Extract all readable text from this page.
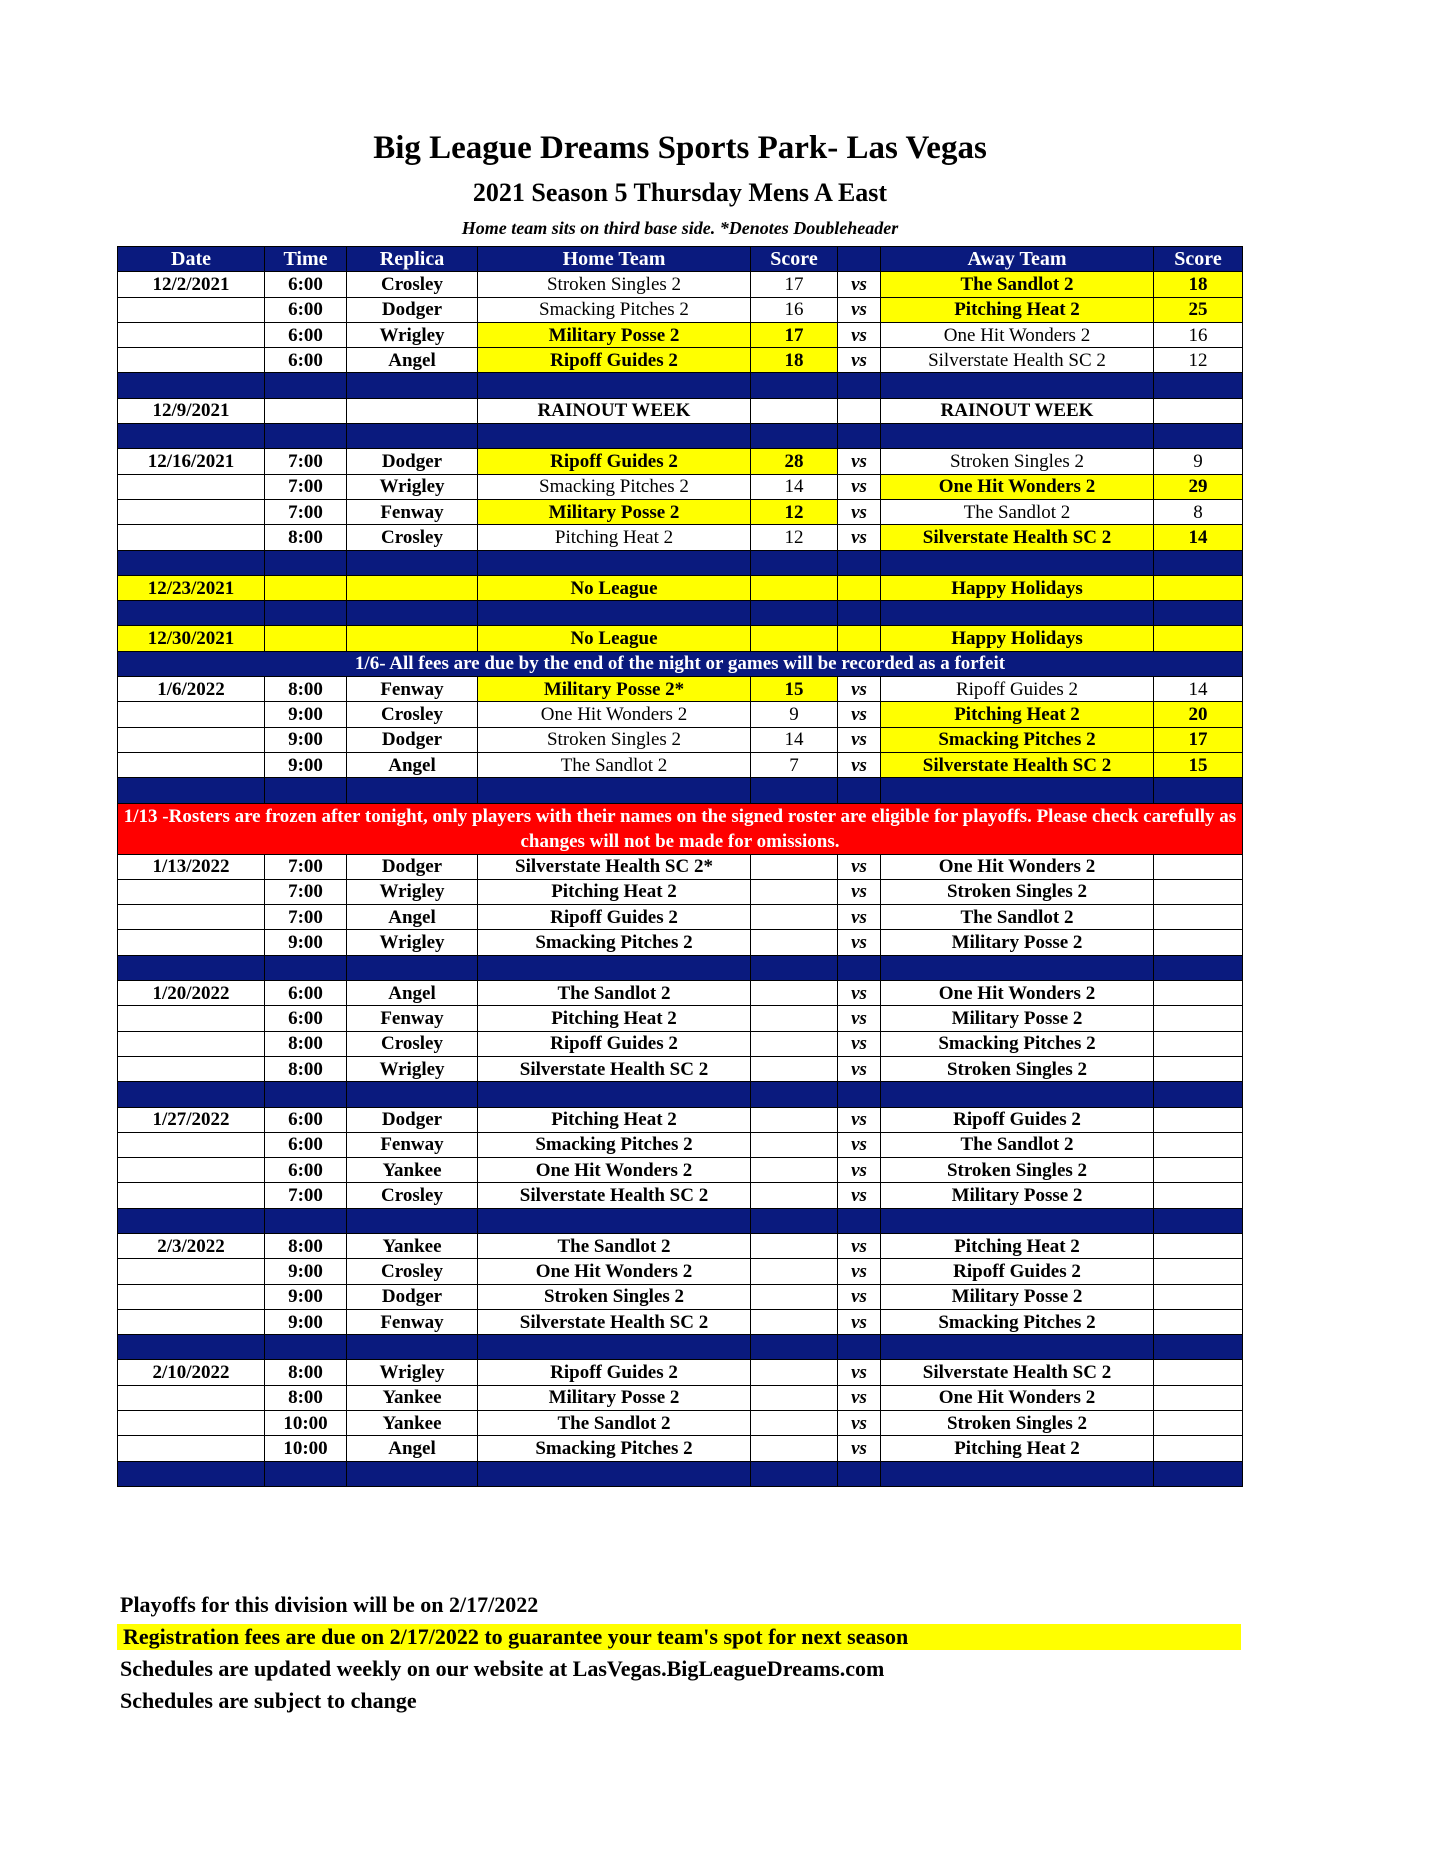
Big League Dreams Sports Park- Las Vegas
2021 Season 5 Thursday Mens A East
Home team sits on third base side. *Denotes Doubleheader
Date	Time	Replica	Home Team	Score		Away Team	Score
12/2/2021	6:00	Crosley	Stroken Singles 2	17	vs	The Sandlot 2	18
	6:00	Dodger	Smacking Pitches 2	16	vs	Pitching Heat 2	25
	6:00	Wrigley	Military Posse 2	17	vs	One Hit Wonders 2	16
	6:00	Angel	Ripoff Guides 2	18	vs	Silverstate Health SC 2	12

12/9/2021			RAINOUT WEEK			RAINOUT WEEK	

12/16/2021	7:00	Dodger	Ripoff Guides 2	28	vs	Stroken Singles 2	9
	7:00	Wrigley	Smacking Pitches 2	14	vs	One Hit Wonders 2	29
	7:00	Fenway	Military Posse 2	12	vs	The Sandlot 2	8
	8:00	Crosley	Pitching Heat 2	12	vs	Silverstate Health SC 2	14

12/23/2021			No League			Happy Holidays	

12/30/2021			No League			Happy Holidays	
1/6- All fees are due by the end of the night or games will be recorded as a forfeit							
1/6/2022	8:00	Fenway	Military Posse 2*	15	vs	Ripoff Guides 2	14
	9:00	Crosley	One Hit Wonders 2	9	vs	Pitching Heat 2	20
	9:00	Dodger	Stroken Singles 2	14	vs	Smacking Pitches 2	17
	9:00	Angel	The Sandlot 2	7	vs	Silverstate Health SC 2	15

1/13 -Rosters are frozen after tonight, only players with their names on the signed roster are eligible for playoffs. Please check carefully as changes will not be made for omissions.							
1/13/2022	7:00	Dodger	Silverstate Health SC 2*		vs	One Hit Wonders 2	
	7:00	Wrigley	Pitching Heat 2		vs	Stroken Singles 2	
	7:00	Angel	Ripoff Guides 2		vs	The Sandlot 2	
	9:00	Wrigley	Smacking Pitches 2		vs	Military Posse 2	

1/20/2022	6:00	Angel	The Sandlot 2		vs	One Hit Wonders 2	
	6:00	Fenway	Pitching Heat 2		vs	Military Posse 2	
	8:00	Crosley	Ripoff Guides 2		vs	Smacking Pitches 2	
	8:00	Wrigley	Silverstate Health SC 2		vs	Stroken Singles 2	

1/27/2022	6:00	Dodger	Pitching Heat 2		vs	Ripoff Guides 2	
	6:00	Fenway	Smacking Pitches 2		vs	The Sandlot 2	
	6:00	Yankee	One Hit Wonders 2		vs	Stroken Singles 2	
	7:00	Crosley	Silverstate Health SC 2		vs	Military Posse 2	

2/3/2022	8:00	Yankee	The Sandlot 2		vs	Pitching Heat 2	
	9:00	Crosley	One Hit Wonders 2		vs	Ripoff Guides 2	
	9:00	Dodger	Stroken Singles 2		vs	Military Posse 2	
	9:00	Fenway	Silverstate Health SC 2		vs	Smacking Pitches 2	

2/10/2022	8:00	Wrigley	Ripoff Guides 2		vs	Silverstate Health SC 2	
	8:00	Yankee	Military Posse 2		vs	One Hit Wonders 2	
	10:00	Yankee	The Sandlot 2		vs	Stroken Singles 2	
	10:00	Angel	Smacking Pitches 2		vs	Pitching Heat 2	

Playoffs for this division will be on 2/17/2022
Registration fees are due on 2/17/2022 to guarantee your team's spot for next season
Schedules are updated weekly on our website at LasVegas.BigLeagueDreams.com
Schedules are subject to change
